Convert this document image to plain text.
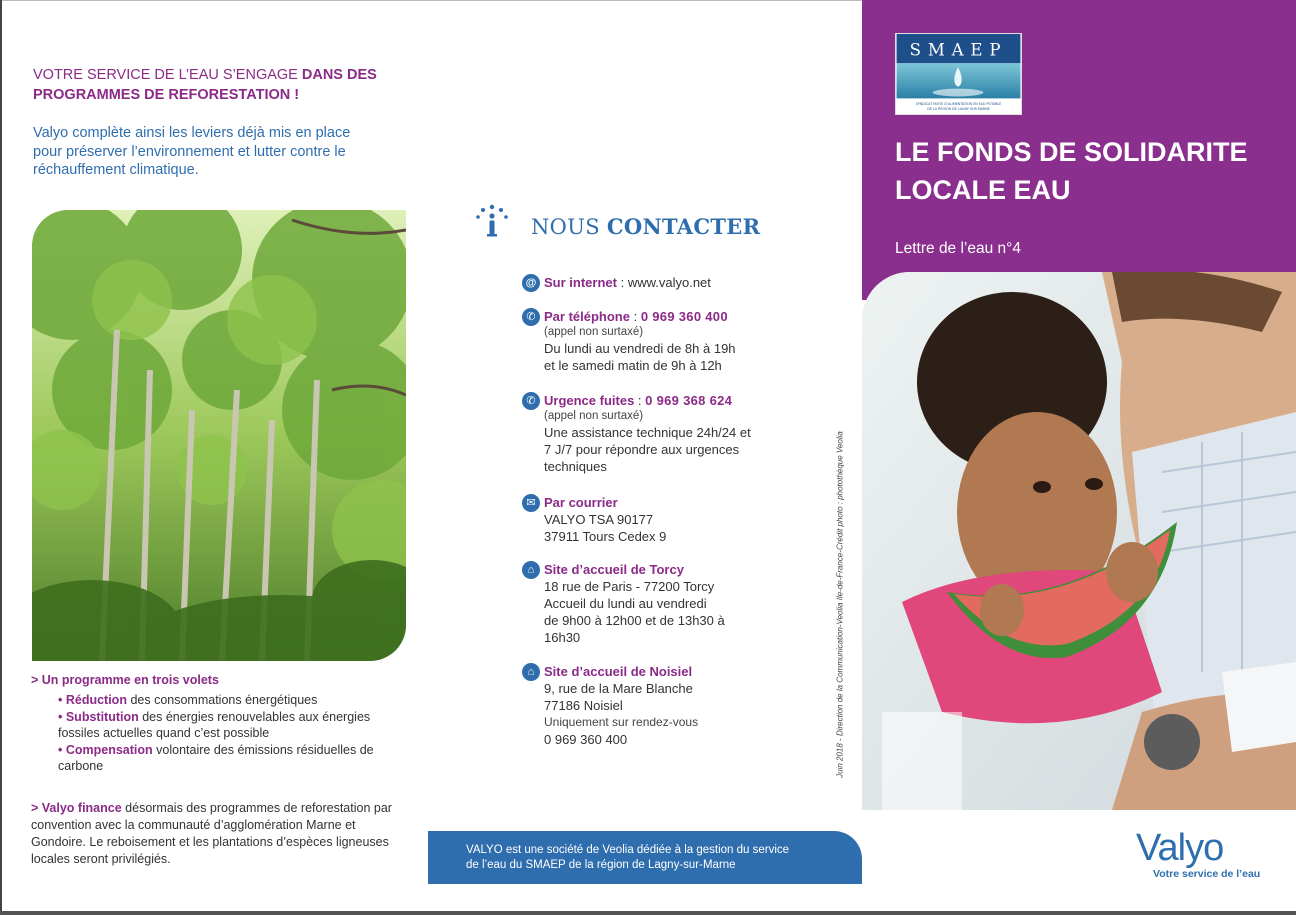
VOTRE SERVICE DE L’EAU S’ENGAGE DANS DES PROGRAMMES DE REFORESTATION !
Valyo complète ainsi les leviers déjà mis en place pour préserver l’environnement et lutter contre le réchauffement climatique.
> Un programme en trois volets
• Réduction des consommations énergétiques
• Substitution des énergies renouvelables aux énergies fossiles actuelles quand c’est possible
• Compensation volontaire des émissions résiduelles de carbone
> Valyo finance désormais des programmes de reforestation par convention avec la communauté d’agglomération Marne et Gondoire. Le reboisement et les plantations d’espèces ligneuses locales seront privilégiés.
NOUS CONTACTER
@ Sur internet : www.valyo.net
✆ Par téléphone : 0 969 360 400
(appel non surtaxé)
Du lundi au vendredi de 8h à 19h
et le samedi matin de 9h à 12h
✆ Urgence fuites : 0 969 368 624
(appel non surtaxé)
Une assistance technique 24h/24 et
7 J/7 pour répondre aux urgences
techniques
✉ Par courrier
VALYO TSA 90177
37911 Tours Cedex 9
⌂ Site d’accueil de Torcy
18 rue de Paris - 77200 Torcy
Accueil du lundi au vendredi
de 9h00 à 12h00 et de 13h30 à
16h30
⌂ Site d’accueil de Noisiel
9, rue de la Mare Blanche
77186 Noisiel
Uniquement sur rendez-vous
0 969 360 400	Juin 2018 - Direction de la Communication-Veolia Ile-de-France-Crédit photo : photothèque Veolia
VALYO est une société de Veolia dédiée à la gestion du service
de l’eau du SMAEP de la région de Lagny-sur-Marne
SMAEP
SYNDICAT MIXTE D'ALIMENTATION EN EAU POTABLE
DE LA RÉGION DE LAGNY SUR MARNE
LE FONDS DE SOLIDARITE
LOCALE EAU
Lettre de l’eau n°4
Valyo
Votre service de l’eau
